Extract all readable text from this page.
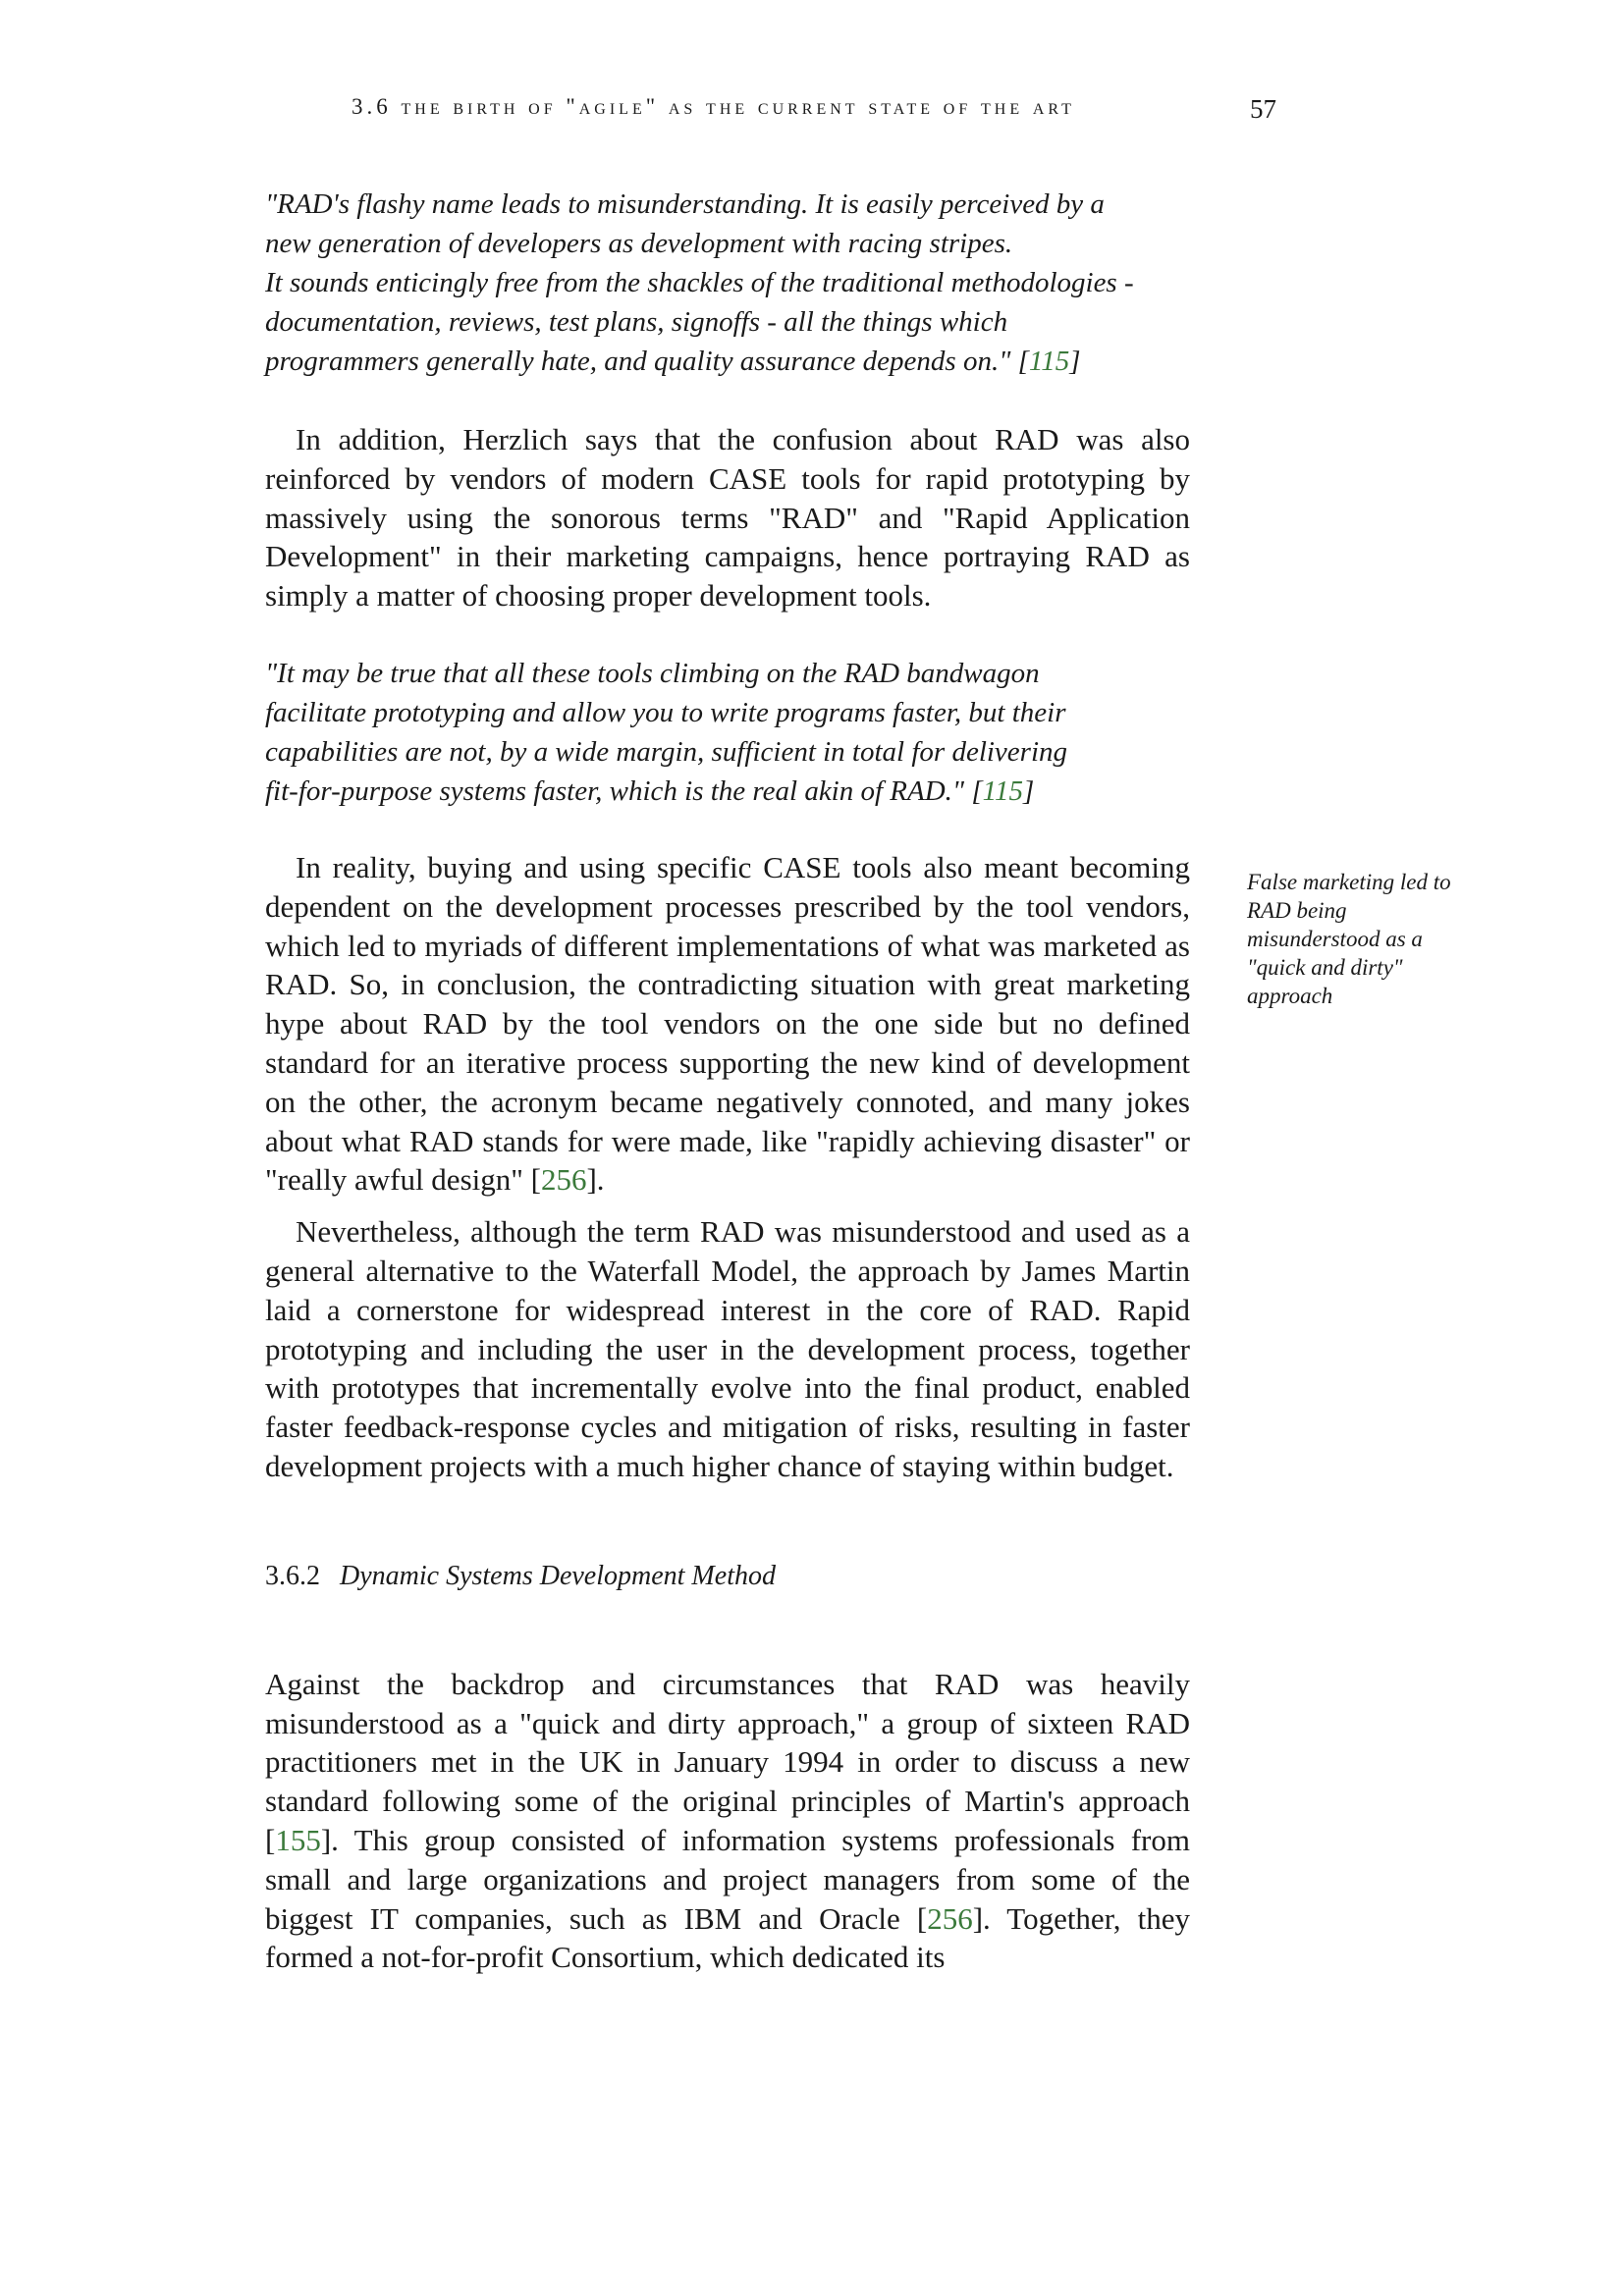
3.6 the birth of "agile" as the current state of the art	57

"RAD's flashy name leads to misunderstanding. It is easily perceived by a
new generation of developers as development with racing stripes.
It sounds enticingly free from the shackles of the traditional methodologies -
documentation, reviews, test plans, signoffs - all the things which
programmers generally hate, and quality assurance depends on." [115]

In addition, Herzlich says that the confusion about RAD was also reinforced by vendors of modern CASE tools for rapid prototyping by massively using the sonorous terms "RAD" and "Rapid Application Development" in their marketing campaigns, hence portraying RAD as simply a matter of choosing proper development tools.

"It may be true that all these tools climbing on the RAD bandwagon
facilitate prototyping and allow you to write programs faster, but their
capabilities are not, by a wide margin, sufficient in total for delivering
fit-for-purpose systems faster, which is the real akin of RAD." [115]

In reality, buying and using specific CASE tools also meant becoming dependent on the development processes prescribed by the tool vendors, which led to myriads of different implementations of what was marketed as RAD. So, in conclusion, the contradicting situation with great marketing hype about RAD by the tool vendors on the one side but no defined standard for an iterative process supporting the new kind of development on the other, the acronym became negatively connoted, and many jokes about what RAD stands for were made, like "rapidly achieving disaster" or "really awful design" [256].

Nevertheless, although the term RAD was misunderstood and used as a general alternative to the Waterfall Model, the approach by James Martin laid a cornerstone for widespread interest in the core of RAD. Rapid prototyping and including the user in the development process, together with prototypes that incrementally evolve into the final product, enabled faster feedback-response cycles and mitigation of risks, resulting in faster development projects with a much higher chance of staying within budget.

3.6.2 Dynamic Systems Development Method

Against the backdrop and circumstances that RAD was heavily misunderstood as a "quick and dirty approach," a group of sixteen RAD practitioners met in the UK in January 1994 in order to discuss a new standard following some of the original principles of Martin's approach [155]. This group consisted of information systems professionals from small and large organizations and project managers from some of the biggest IT companies, such as IBM and Oracle [256]. Together, they formed a not-for-profit Consortium, which dedicated its

False marketing led to RAD being misunderstood as a "quick and dirty" approach
